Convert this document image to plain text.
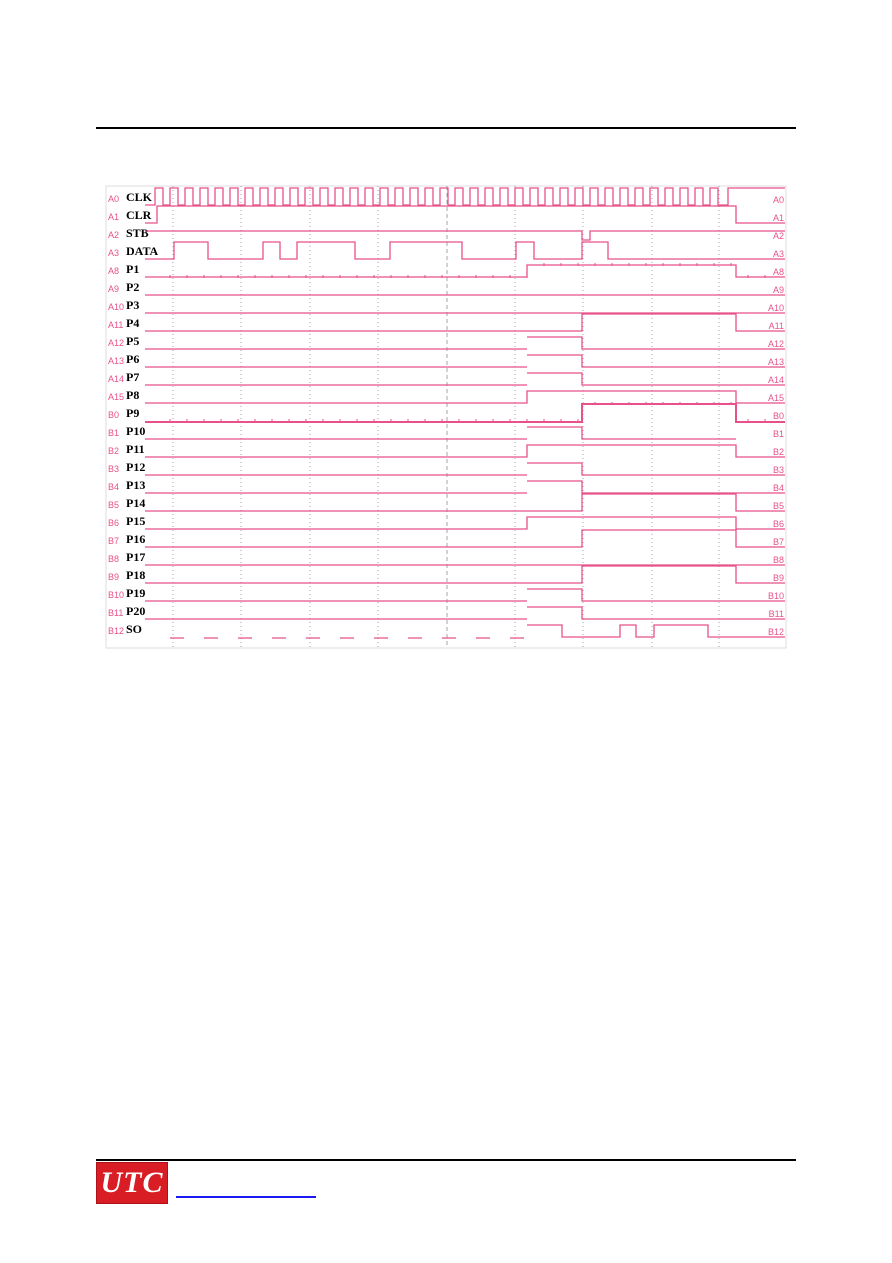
A0 CLK	A0
A1 CLR	A1
A2 STB	A2
A3 DATA	A3
A8 P1	A8
A9 P2	A9
A10 P3	A10
A11 P4	A11
A12 P5	A12
A13 P6	A13
A14 P7	A14
A15 P8	A15
B0 P9	B0
B1 P10	B1
B2 P11	B2
B3 P12	B3
B4 P13	B4
B5 P14	B5
B6 P15	B6
B7 P16	B7
B8 P17	B8
B9 P18	B9
B10 P19	B10
B11 P20	B11
B12 SO	B12
UTC
